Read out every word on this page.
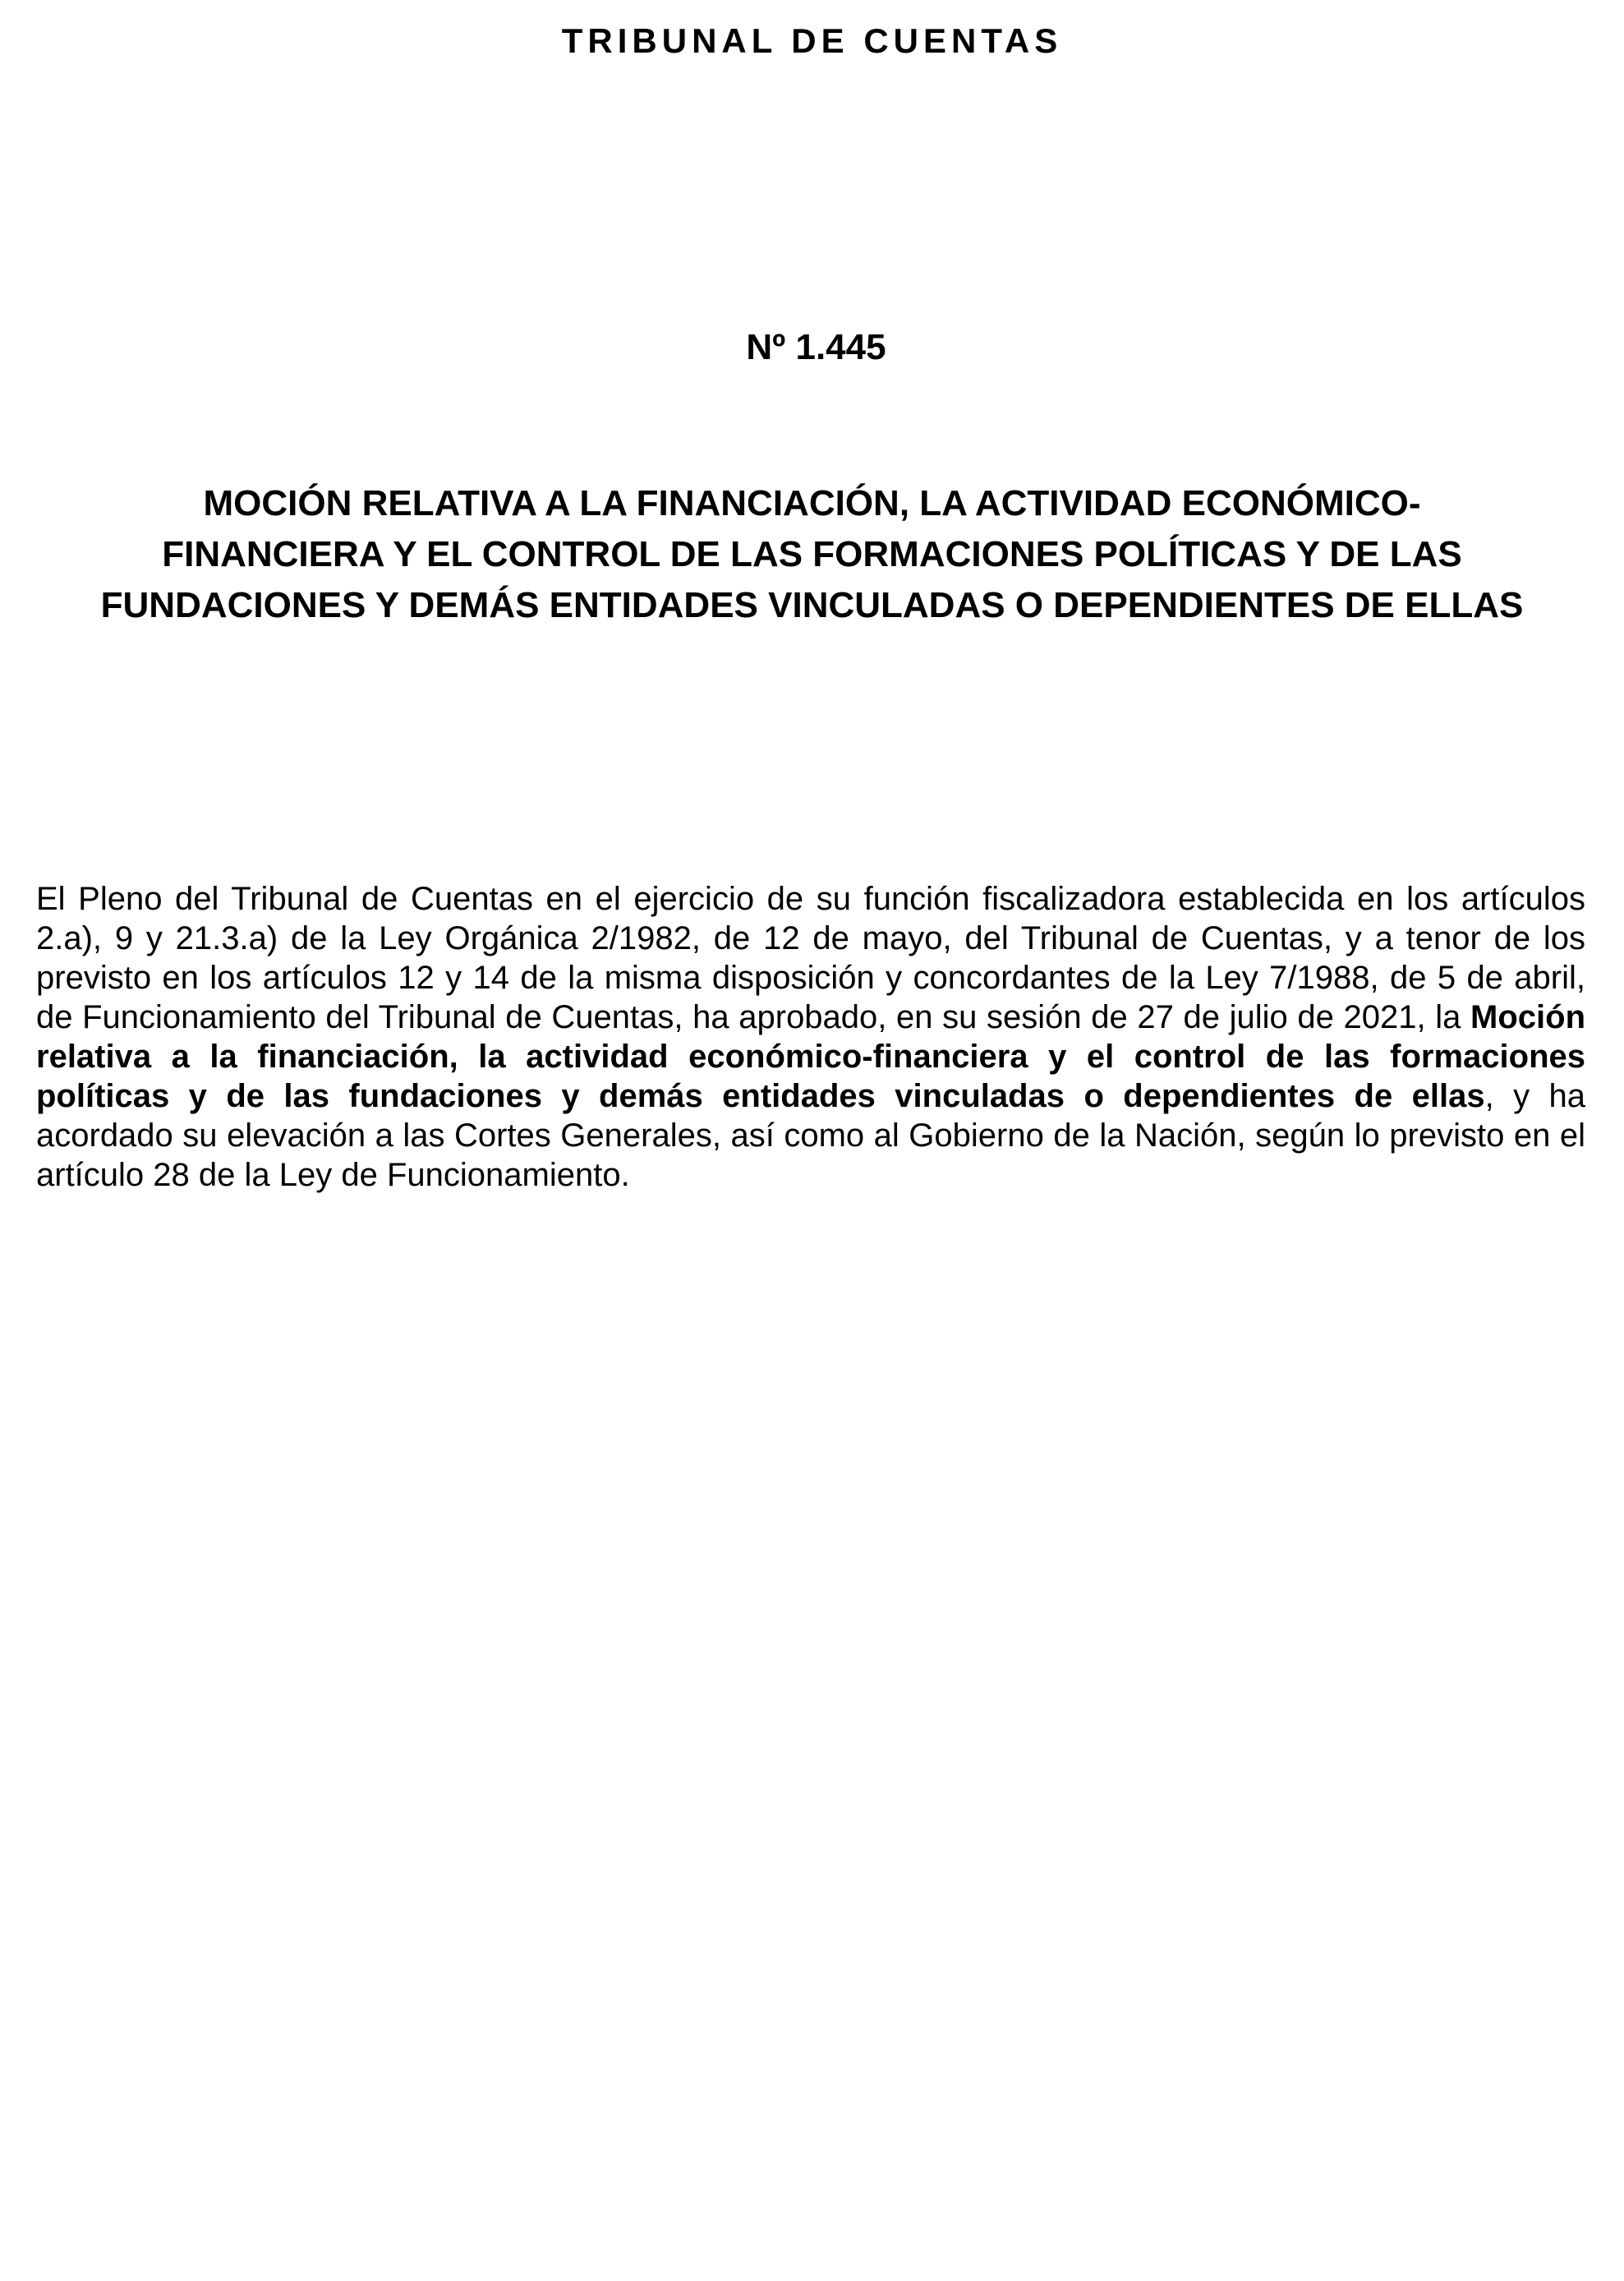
TRIBUNAL DE CUENTAS
Nº 1.445
MOCIÓN RELATIVA A LA FINANCIACIÓN, LA ACTIVIDAD ECONÓMICO-
FINANCIERA Y EL CONTROL DE LAS FORMACIONES POLÍTICAS Y DE LAS
FUNDACIONES Y DEMÁS ENTIDADES VINCULADAS O DEPENDIENTES DE ELLAS

El Pleno del Tribunal de Cuentas en el ejercicio de su función fiscalizadora establecida en los artículos 2.a), 9 y 21.3.a) de la Ley Orgánica 2/1982, de 12 de mayo, del Tribunal de Cuentas, y a tenor de los previsto en los artículos 12 y 14 de la misma disposición y concordantes de la Ley 7/1988, de 5 de abril, de Funcionamiento del Tribunal de Cuentas, ha aprobado, en su sesión de 27 de julio de 2021, la Moción relativa a la financiación, la actividad económico-financiera y el control de las formaciones políticas y de las fundaciones y demás entidades vinculadas o dependientes de ellas, y ha acordado su elevación a las Cortes Generales, así como al Gobierno de la Nación, según lo previsto en el artículo 28 de la Ley de Funcionamiento.
